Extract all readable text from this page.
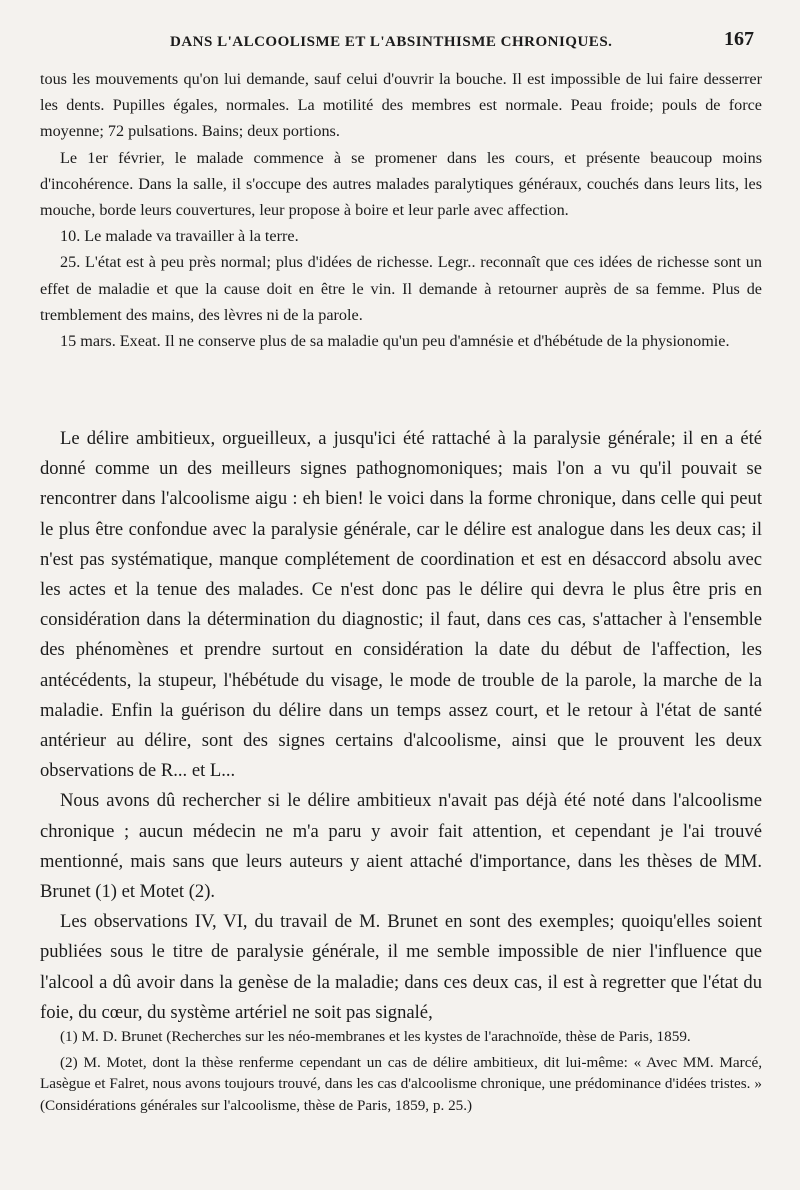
DANS L'ALCOOLISME ET L'ABSINTHISME CHRONIQUES.	167

tous les mouvements qu'on lui demande, sauf celui d'ouvrir la bouche. Il est impossible de lui faire desserrer les dents. Pupilles égales, normales. La motilité des membres est normale. Peau froide; pouls de force moyenne; 72 pulsations. Bains; deux portions.

Le 1er février, le malade commence à se promener dans les cours, et présente beaucoup moins d'incohérence. Dans la salle, il s'occupe des autres malades paralytiques généraux, couchés dans leurs lits, les mouche, borde leurs couvertures, leur propose à boire et leur parle avec affection.

10. Le malade va travailler à la terre.

25. L'état est à peu près normal; plus d'idées de richesse. Legr.. reconnaît que ces idées de richesse sont un effet de maladie et que la cause doit en être le vin. Il demande à retourner auprès de sa femme. Plus de tremblement des mains, des lèvres ni de la parole.

15 mars. Exeat. Il ne conserve plus de sa maladie qu'un peu d'amnésie et d'hébétude de la physionomie.

Le délire ambitieux, orgueilleux, a jusqu'ici été rattaché à la paralysie générale; il en a été donné comme un des meilleurs signes pathognomoniques; mais l'on a vu qu'il pouvait se rencontrer dans l'alcoolisme aigu : eh bien! le voici dans la forme chronique, dans celle qui peut le plus être confondue avec la paralysie générale, car le délire est analogue dans les deux cas; il n'est pas systématique, manque complétement de coordination et est en désaccord absolu avec les actes et la tenue des malades. Ce n'est donc pas le délire qui devra le plus être pris en considération dans la détermination du diagnostic; il faut, dans ces cas, s'attacher à l'ensemble des phénomènes et prendre surtout en considération la date du début de l'affection, les antécédents, la stupeur, l'hébétude du visage, le mode de trouble de la parole, la marche de la maladie. Enfin la guérison du délire dans un temps assez court, et le retour à l'état de santé antérieur au délire, sont des signes certains d'alcoolisme, ainsi que le prouvent les deux observations de R... et L...

Nous avons dû rechercher si le délire ambitieux n'avait pas déjà été noté dans l'alcoolisme chronique ; aucun médecin ne m'a paru y avoir fait attention, et cependant je l'ai trouvé mentionné, mais sans que leurs auteurs y aient attaché d'importance, dans les thèses de MM. Brunet (1) et Motet (2).

Les observations IV, VI, du travail de M. Brunet en sont des exemples; quoiqu'elles soient publiées sous le titre de paralysie générale, il me semble impossible de nier l'influence que l'alcool a dû avoir dans la genèse de la maladie; dans ces deux cas, il est à regretter que l'état du foie, du cœur, du système artériel ne soit pas signalé,

(1) M. D. Brunet (Recherches sur les néo-membranes et les kystes de l'arachnoïde, thèse de Paris, 1859.

(2) M. Motet, dont la thèse renferme cependant un cas de délire ambitieux, dit lui-même: « Avec MM. Marcé, Lasègue et Falret, nous avons toujours trouvé, dans les cas d'alcoolisme chronique, une prédominance d'idées tristes. » (Considérations générales sur l'alcoolisme, thèse de Paris, 1859, p. 25.)
